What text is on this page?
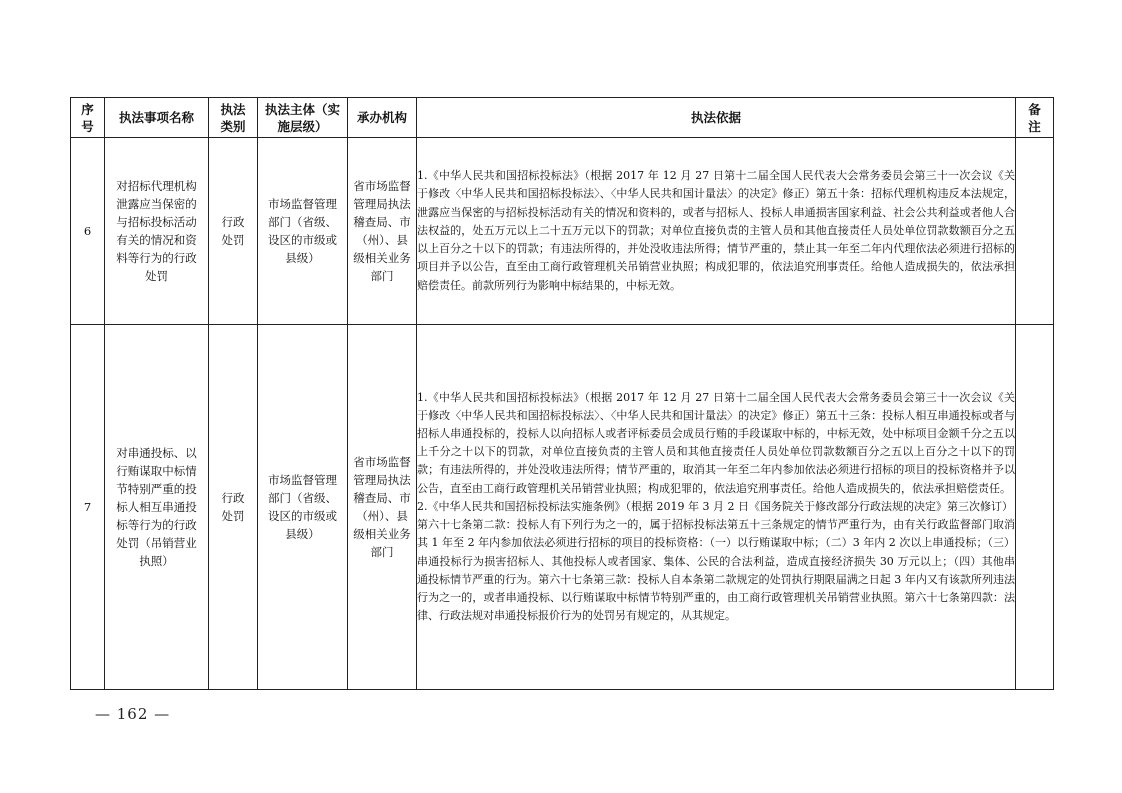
序号	执法事项名称	执法类别	执法主体（实施层级）	承办机构	执法依据	备注
6	对招标代理机构泄露应当保密的与招标投标活动有关的情况和资料等行为的行政处罚	行政处罚	市场监督管理部门（省级、设区的市级或县级）	省市场监督管理局执法稽查局、市（州）、县级相关业务部门	1.《中华人民共和国招标投标法》（根据 2017 年 12 月 27 日第十二届全国人民代表大会常务委员会第三十一次会议《关于修改〈中华人民共和国招标投标法〉、〈中华人民共和国计量法〉的决定》修正）第五十条：招标代理机构违反本法规定，泄露应当保密的与招标投标活动有关的情况和资料的，或者与招标人、投标人串通损害国家利益、社会公共利益或者他人合法权益的，处五万元以上二十五万元以下的罚款；对单位直接负责的主管人员和其他直接责任人员处单位罚款数额百分之五以上百分之十以下的罚款；有违法所得的，并处没收违法所得；情节严重的，禁止其一年至二年内代理依法必须进行招标的项目并予以公告，直至由工商行政管理机关吊销营业执照；构成犯罪的，依法追究刑事责任。给他人造成损失的，依法承担赔偿责任。前款所列行为影响中标结果的，中标无效。	

7	对串通投标、以行贿谋取中标情节特别严重的投标人相互串通投标等行为的行政处罚（吊销营业执照）	行政处罚	市场监督管理部门（省级、设区的市级或县级）	省市场监督管理局执法稽查局、市（州）、县级相关业务部门	1.《中华人民共和国招标投标法》（根据 2017 年 12 月 27 日第十二届全国人民代表大会常务委员会第三十一次会议《关于修改〈中华人民共和国招标投标法〉、〈中华人民共和国计量法〉的决定》修正）第五十三条：投标人相互串通投标或者与招标人串通投标的，投标人以向招标人或者评标委员会成员行贿的手段谋取中标的，中标无效，处中标项目金额千分之五以上千分之十以下的罚款，对单位直接负责的主管人员和其他直接责任人员处单位罚款数额百分之五以上百分之十以下的罚款；有违法所得的，并处没收违法所得；情节严重的，取消其一年至二年内参加依法必须进行招标的项目的投标资格并予以公告，直至由工商行政管理机关吊销营业执照；构成犯罪的，依法追究刑事责任。给他人造成损失的，依法承担赔偿责任。

2.《中华人民共和国招标投标法实施条例》（根据 2019 年 3 月 2 日《国务院关于修改部分行政法规的决定》第三次修订）

第六十七条第二款：投标人有下列行为之一的，属于招标投标法第五十三条规定的情节严重行为，由有关行政监督部门取消其 1 年至 2 年内参加依法必须进行招标的项目的投标资格：（一）以行贿谋取中标；（二）3 年内 2 次以上串通投标；（三）串通投标行为损害招标人、其他投标人或者国家、集体、公民的合法利益，造成直接经济损失 30 万元以上；（四）其他串通投标情节严重的行为。第六十七条第三款：投标人自本条第二款规定的处罚执行期限届满之日起 3 年内又有该款所列违法行为之一的，或者串通投标、以行贿谋取中标情节特别严重的，由工商行政管理机关吊销营业执照。第六十七条第四款：法律、行政法规对串通投标报价行为的处罚另有规定的，从其规定。	

— 162 —
